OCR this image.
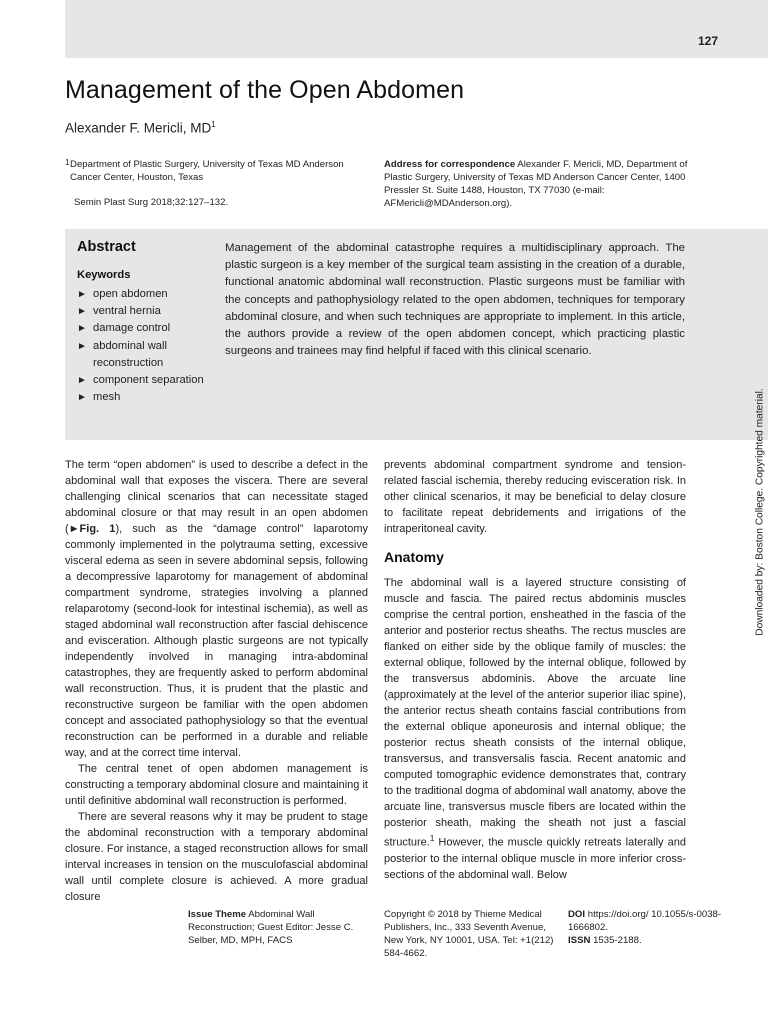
127
Management of the Open Abdomen
Alexander F. Mericli, $MD^1$
1 Department of Plastic Surgery, University of Texas MD Anderson Cancer Center, Houston, Texas
Semin Plast Surg 2018;32:127–132.
Address for correspondence Alexander F. Mericli, MD, Department of Plastic Surgery, University of Texas MD Anderson Cancer Center, 1400 Pressler St. Suite 1488, Houston, TX 77030 (e-mail: AFMericli@MDAnderson.org).
Abstract
Keywords
► open abdomen
► ventral hernia
► damage control
► abdominal wall reconstruction
► component separation
► mesh

Management of the abdominal catastrophe requires a multidisciplinary approach. The plastic surgeon is a key member of the surgical team assisting in the creation of a durable, functional anatomic abdominal wall reconstruction. Plastic surgeons must be familiar with the concepts and pathophysiology related to the open abdomen, techniques for temporary abdominal closure, and when such techniques are appropriate to implement. In this article, the authors provide a review of the open abdomen concept, which practicing plastic surgeons and trainees may find helpful if faced with this clinical scenario.

The term “open abdomen” is used to describe a defect in the abdominal wall that exposes the viscera. There are several challenging clinical scenarios that can necessitate staged abdominal closure or that may result in an open abdomen (►Fig. 1), such as the “damage control” laparotomy commonly implemented in the polytrauma setting, excessive visceral edema as seen in severe abdominal sepsis, following a decompressive laparotomy for management of abdominal compartment syndrome, strategies involving a planned relaparotomy (second-look for intestinal ischemia), as well as staged abdominal wall reconstruction after fascial dehiscence and evisceration. Although plastic surgeons are not typically independently involved in managing intra-abdominal catastrophes, they are frequently asked to perform abdominal wall reconstruction. Thus, it is prudent that the plastic and reconstructive surgeon be familiar with the open abdomen concept and associated pathophysiology so that the eventual reconstruction can be performed in a durable and reliable way, and at the correct time interval.

The central tenet of open abdomen management is constructing a temporary abdominal closure and maintaining it until definitive abdominal wall reconstruction is performed.

There are several reasons why it may be prudent to stage the abdominal reconstruction with a temporary abdominal closure. For instance, a staged reconstruction allows for small interval increases in tension on the musculofascial abdominal wall until complete closure is achieved. A more gradual closure

prevents abdominal compartment syndrome and tension-related fascial ischemia, thereby reducing evisceration risk. In other clinical scenarios, it may be beneficial to delay closure to facilitate repeat debridements and irrigations of the intraperitoneal cavity.

Anatomy

The abdominal wall is a layered structure consisting of muscle and fascia. The paired rectus abdominis muscles comprise the central portion, ensheathed in the fascia of the anterior and posterior rectus sheaths. The rectus muscles are flanked on either side by the oblique family of muscles: the external oblique, followed by the internal oblique, followed by the transversus abdominis. Above the arcuate line (approximately at the level of the anterior superior iliac spine), the anterior rectus sheath contains fascial contributions from the external oblique aponeurosis and internal oblique; the posterior rectus sheath consists of the internal oblique, transversus, and transversalis fascia. Recent anatomic and computed tomographic evidence demonstrates that, contrary to the traditional dogma of abdominal wall anatomy, above the arcuate line, transversus muscle fibers are located within the posterior sheath, making the sheath not just a fascial structure.$^1$ However, the muscle quickly retreats laterally and posterior to the internal oblique muscle in more inferior cross-sections of the abdominal wall. Below

Downloaded by: Boston College. Copyrighted material.
Issue Theme Abdominal Wall Reconstruction; Guest Editor: Jesse C. Selber, MD, MPH, FACS
Copyright © 2018 by Thieme Medical Publishers, Inc., 333 Seventh Avenue, New York, NY 10001, USA. Tel: +1(212) 584-4662.
DOI https://doi.org/ 10.1055/s-0038-1666802.
ISSN 1535-2188.
